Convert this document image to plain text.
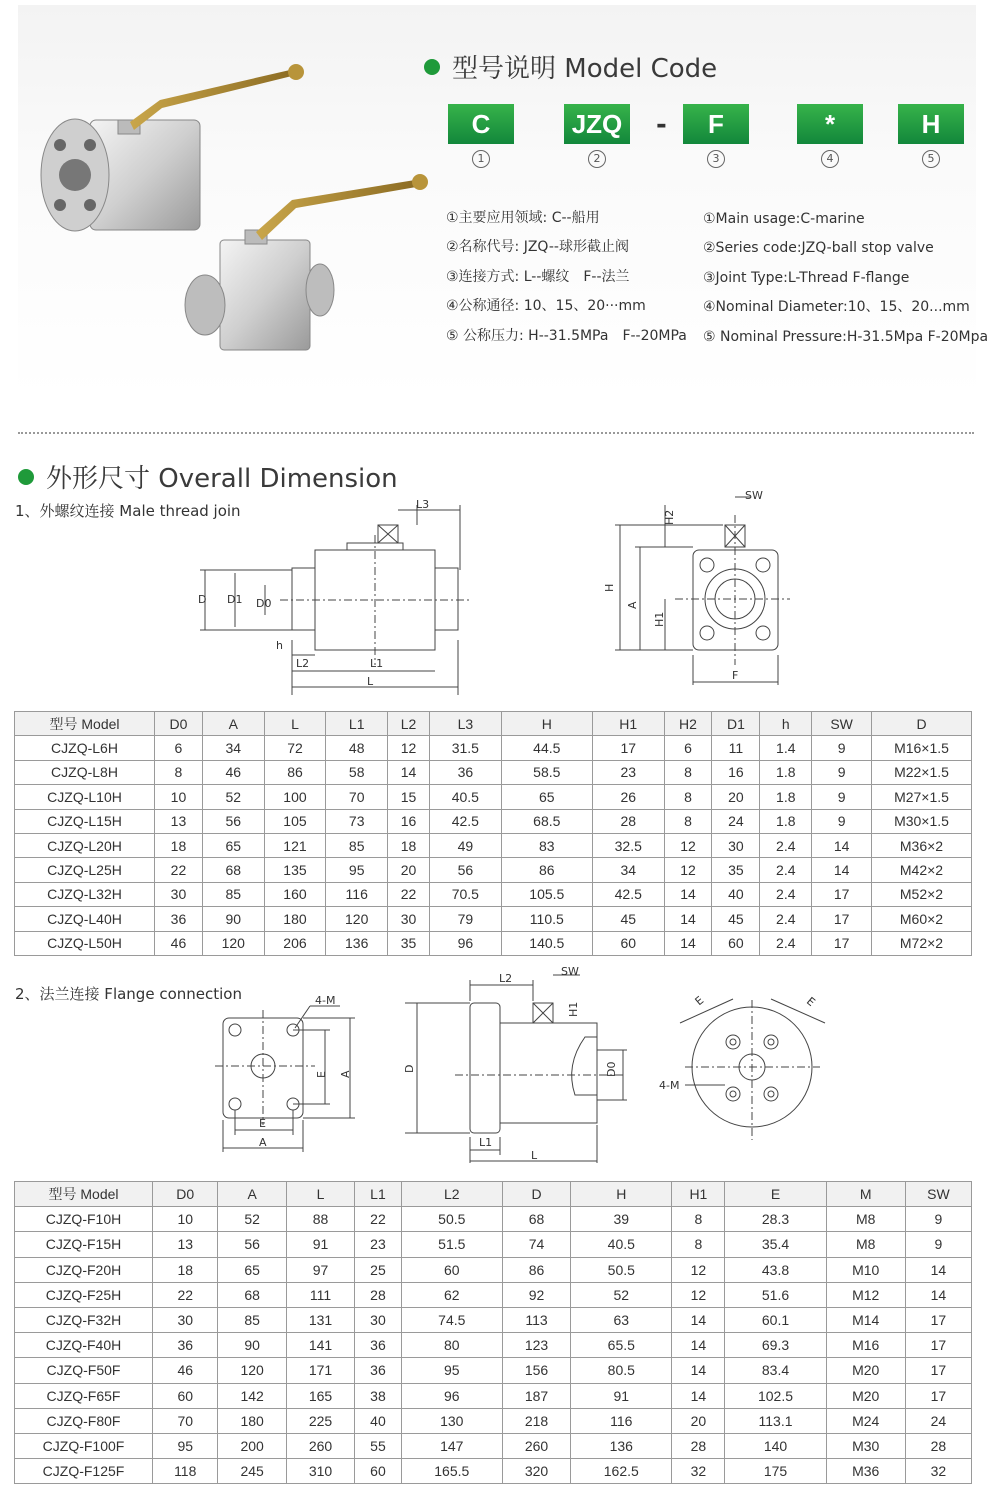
型号说明 Model Code
C
1
JZQ
2
-	F
3
*
4
H
5
①主要应用领域: C--船用
②名称代号: JZQ--球形截止阀
③连接方式: L--螺纹　F--法兰
④公称通径: 10、15、20···mm
⑤ 公称压力: H--31.5MPa　F--20MPa
①Main usage:C-marine
②Series code:JZQ-ball stop valve
③Joint Type:L-Thread F-flange
④Nominal Diameter:10、15、20...mm
⑤ Nominal Pressure:H-31.5Mpa F-20Mpa
外形尺寸 Overall Dimension
1、外螺纹连接 Male thread join	L3
D D1 D0
h
L2	L1
L
SW
H2
H
A
H1
F
型号 Model	D0	A	L	L1	L2	L3	H	H1	H2	D1	h	SW	D
CJZQ-L6H	6	34	72	48	12	31.5	44.5	17	6	11	1.4	9	M16×1.5
CJZQ-L8H	8	46	86	58	14	36	58.5	23	8	16	1.8	9	M22×1.5
CJZQ-L10H	10	52	100	70	15	40.5	65	26	8	20	1.8	9	M27×1.5
CJZQ-L15H	13	56	105	73	16	42.5	68.5	28	8	24	1.8	9	M30×1.5
CJZQ-L20H	18	65	121	85	18	49	83	32.5	12	30	2.4	14	M36×2
CJZQ-L25H	22	68	135	95	20	56	86	34	12	35	2.4	14	M42×2
CJZQ-L32H	30	85	160	116	22	70.5	105.5	42.5	14	40	2.4	17	M52×2
CJZQ-L40H	36	90	180	120	30	79	110.5	45	14	45	2.4	17	M60×2
CJZQ-L50H	46	120	206	136	35	96	140.5	60	14	60	2.4	17	M72×2
2、法兰连接 Flange connection	4-M
E A
E
A
SW
L2
H1
D	D0
L1
L
E	E
4-M
型号 Model	D0	A	L	L1	L2	D	H	H1	E	M	SW
CJZQ-F10H	10	52	88	22	50.5	68	39	8	28.3	M8	9
CJZQ-F15H	13	56	91	23	51.5	74	40.5	8	35.4	M8	9
CJZQ-F20H	18	65	97	25	60	86	50.5	12	43.8	M10	14
CJZQ-F25H	22	68	111	28	62	92	52	12	51.6	M12	14
CJZQ-F32H	30	85	131	30	74.5	113	63	14	60.1	M14	17
CJZQ-F40H	36	90	141	36	80	123	65.5	14	69.3	M16	17
CJZQ-F50F	46	120	171	36	95	156	80.5	14	83.4	M20	17
CJZQ-F65F	60	142	165	38	96	187	91	14	102.5	M20	17
CJZQ-F80F	70	180	225	40	130	218	116	20	113.1	M24	24
CJZQ-F100F	95	200	260	55	147	260	136	28	140	M30	28
CJZQ-F125F	118	245	310	60	165.5	320	162.5	32	175	M36	32
